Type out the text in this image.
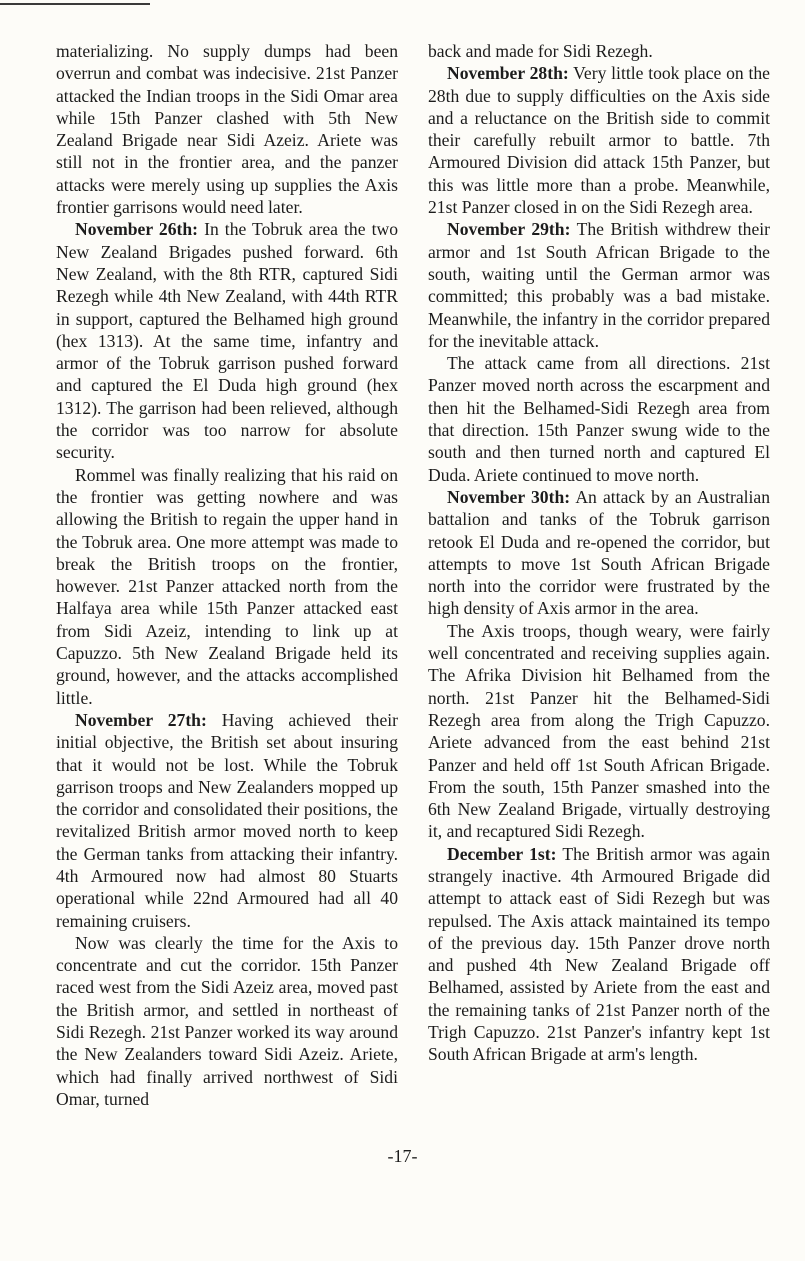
materializing. No supply dumps had been overrun and combat was indecisive. 21st Panzer attacked the Indian troops in the Sidi Omar area while 15th Panzer clashed with 5th New Zealand Brigade near Sidi Azeiz. Ariete was still not in the frontier area, and the panzer attacks were merely using up supplies the Axis frontier garrisons would need later.

November 26th: In the Tobruk area the two New Zealand Brigades pushed forward. 6th New Zealand, with the 8th RTR, captured Sidi Rezegh while 4th New Zealand, with 44th RTR in support, captured the Belhamed high ground (hex 1313). At the same time, infantry and armor of the Tobruk garrison pushed forward and captured the El Duda high ground (hex 1312). The garrison had been relieved, although the corridor was too narrow for absolute security.

Rommel was finally realizing that his raid on the frontier was getting nowhere and was allowing the British to regain the upper hand in the Tobruk area. One more attempt was made to break the British troops on the frontier, however. 21st Panzer attacked north from the Halfaya area while 15th Panzer attacked east from Sidi Azeiz, intending to link up at Capuzzo. 5th New Zealand Brigade held its ground, however, and the attacks accomplished little.

November 27th: Having achieved their initial objective, the British set about insuring that it would not be lost. While the Tobruk garrison troops and New Zealanders mopped up the corridor and consolidated their positions, the revitalized British armor moved north to keep the German tanks from attacking their infantry. 4th Armoured now had almost 80 Stuarts operational while 22nd Armoured had all 40 remaining cruisers.

Now was clearly the time for the Axis to concentrate and cut the corridor. 15th Panzer raced west from the Sidi Azeiz area, moved past the British armor, and settled in northeast of Sidi Rezegh. 21st Panzer worked its way around the New Zealanders toward Sidi Azeiz. Ariete, which had finally arrived northwest of Sidi Omar, turned

back and made for Sidi Rezegh.

November 28th: Very little took place on the 28th due to supply difficulties on the Axis side and a reluctance on the British side to commit their carefully rebuilt armor to battle. 7th Armoured Division did attack 15th Panzer, but this was little more than a probe. Meanwhile, 21st Panzer closed in on the Sidi Rezegh area.

November 29th: The British withdrew their armor and 1st South African Brigade to the south, waiting until the German armor was committed; this probably was a bad mistake. Meanwhile, the infantry in the corridor prepared for the inevitable attack.

The attack came from all directions. 21st Panzer moved north across the escarpment and then hit the Belhamed-Sidi Rezegh area from that direction. 15th Panzer swung wide to the south and then turned north and captured El Duda. Ariete continued to move north.

November 30th: An attack by an Australian battalion and tanks of the Tobruk garrison retook El Duda and re-opened the corridor, but attempts to move 1st South African Brigade north into the corridor were frustrated by the high density of Axis armor in the area.

The Axis troops, though weary, were fairly well concentrated and receiving supplies again. The Afrika Division hit Belhamed from the north. 21st Panzer hit the Belhamed-Sidi Rezegh area from along the Trigh Capuzzo. Ariete advanced from the east behind 21st Panzer and held off 1st South African Brigade. From the south, 15th Panzer smashed into the 6th New Zealand Brigade, virtually destroying it, and recaptured Sidi Rezegh.

December 1st: The British armor was again strangely inactive. 4th Armoured Brigade did attempt to attack east of Sidi Rezegh but was repulsed. The Axis attack maintained its tempo of the previous day. 15th Panzer drove north and pushed 4th New Zealand Brigade off Belhamed, assisted by Ariete from the east and the remaining tanks of 21st Panzer north of the Trigh Capuzzo. 21st Panzer's infantry kept 1st South African Brigade at arm's length.

-17-
